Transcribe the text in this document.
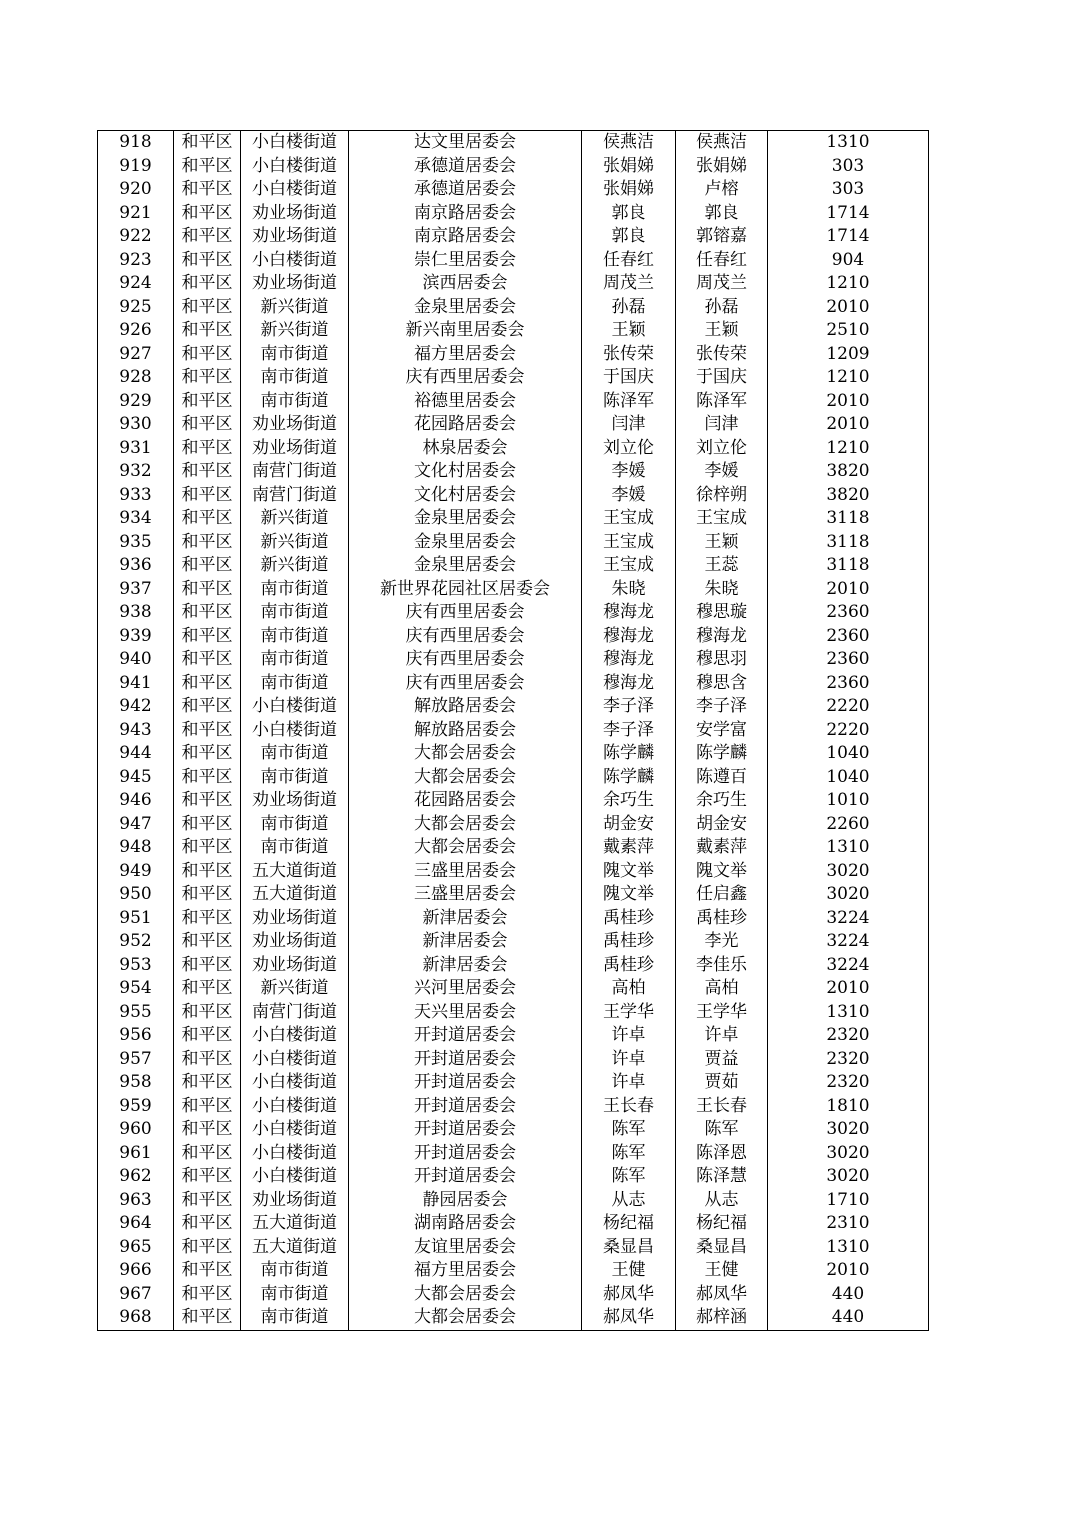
918	和平区	小白楼街道	达文里居委会	侯燕洁	侯燕洁	1310
919	和平区	小白楼街道	承德道居委会	张娟娣	张娟娣	303
920	和平区	小白楼街道	承德道居委会	张娟娣	卢榕	303
921	和平区	劝业场街道	南京路居委会	郭良	郭良	1714
922	和平区	劝业场街道	南京路居委会	郭良	郭镕嘉	1714
923	和平区	小白楼街道	崇仁里居委会	任春红	任春红	904
924	和平区	劝业场街道	滨西居委会	周茂兰	周茂兰	1210
925	和平区	新兴街道	金泉里居委会	孙磊	孙磊	2010
926	和平区	新兴街道	新兴南里居委会	王颖	王颖	2510
927	和平区	南市街道	福方里居委会	张传荣	张传荣	1209
928	和平区	南市街道	庆有西里居委会	于国庆	于国庆	1210
929	和平区	南市街道	裕德里居委会	陈泽军	陈泽军	2010
930	和平区	劝业场街道	花园路居委会	闫津	闫津	2010
931	和平区	劝业场街道	林泉居委会	刘立伦	刘立伦	1210
932	和平区	南营门街道	文化村居委会	李媛	李媛	3820
933	和平区	南营门街道	文化村居委会	李媛	徐梓朔	3820
934	和平区	新兴街道	金泉里居委会	王宝成	王宝成	3118
935	和平区	新兴街道	金泉里居委会	王宝成	王颖	3118
936	和平区	新兴街道	金泉里居委会	王宝成	王蕊	3118
937	和平区	南市街道	新世界花园社区居委会	朱晓	朱晓	2010
938	和平区	南市街道	庆有西里居委会	穆海龙	穆思璇	2360
939	和平区	南市街道	庆有西里居委会	穆海龙	穆海龙	2360
940	和平区	南市街道	庆有西里居委会	穆海龙	穆思羽	2360
941	和平区	南市街道	庆有西里居委会	穆海龙	穆思含	2360
942	和平区	小白楼街道	解放路居委会	李子泽	李子泽	2220
943	和平区	小白楼街道	解放路居委会	李子泽	安学富	2220
944	和平区	南市街道	大都会居委会	陈学麟	陈学麟	1040
945	和平区	南市街道	大都会居委会	陈学麟	陈遵百	1040
946	和平区	劝业场街道	花园路居委会	余巧生	余巧生	1010
947	和平区	南市街道	大都会居委会	胡金安	胡金安	2260
948	和平区	南市街道	大都会居委会	戴素萍	戴素萍	1310
949	和平区	五大道街道	三盛里居委会	隗文举	隗文举	3020
950	和平区	五大道街道	三盛里居委会	隗文举	任启鑫	3020
951	和平区	劝业场街道	新津居委会	禹桂珍	禹桂珍	3224
952	和平区	劝业场街道	新津居委会	禹桂珍	李光	3224
953	和平区	劝业场街道	新津居委会	禹桂珍	李佳乐	3224
954	和平区	新兴街道	兴河里居委会	高柏	高柏	2010
955	和平区	南营门街道	天兴里居委会	王学华	王学华	1310
956	和平区	小白楼街道	开封道居委会	许卓	许卓	2320
957	和平区	小白楼街道	开封道居委会	许卓	贾益	2320
958	和平区	小白楼街道	开封道居委会	许卓	贾茹	2320
959	和平区	小白楼街道	开封道居委会	王长春	王长春	1810
960	和平区	小白楼街道	开封道居委会	陈军	陈军	3020
961	和平区	小白楼街道	开封道居委会	陈军	陈泽恩	3020
962	和平区	小白楼街道	开封道居委会	陈军	陈泽慧	3020
963	和平区	劝业场街道	静园居委会	从志	从志	1710
964	和平区	五大道街道	湖南路居委会	杨纪福	杨纪福	2310
965	和平区	五大道街道	友谊里居委会	桑显昌	桑显昌	1310
966	和平区	南市街道	福方里居委会	王健	王健	2010
967	和平区	南市街道	大都会居委会	郝凤华	郝凤华	440
968	和平区	南市街道	大都会居委会	郝凤华	郝梓涵	440
